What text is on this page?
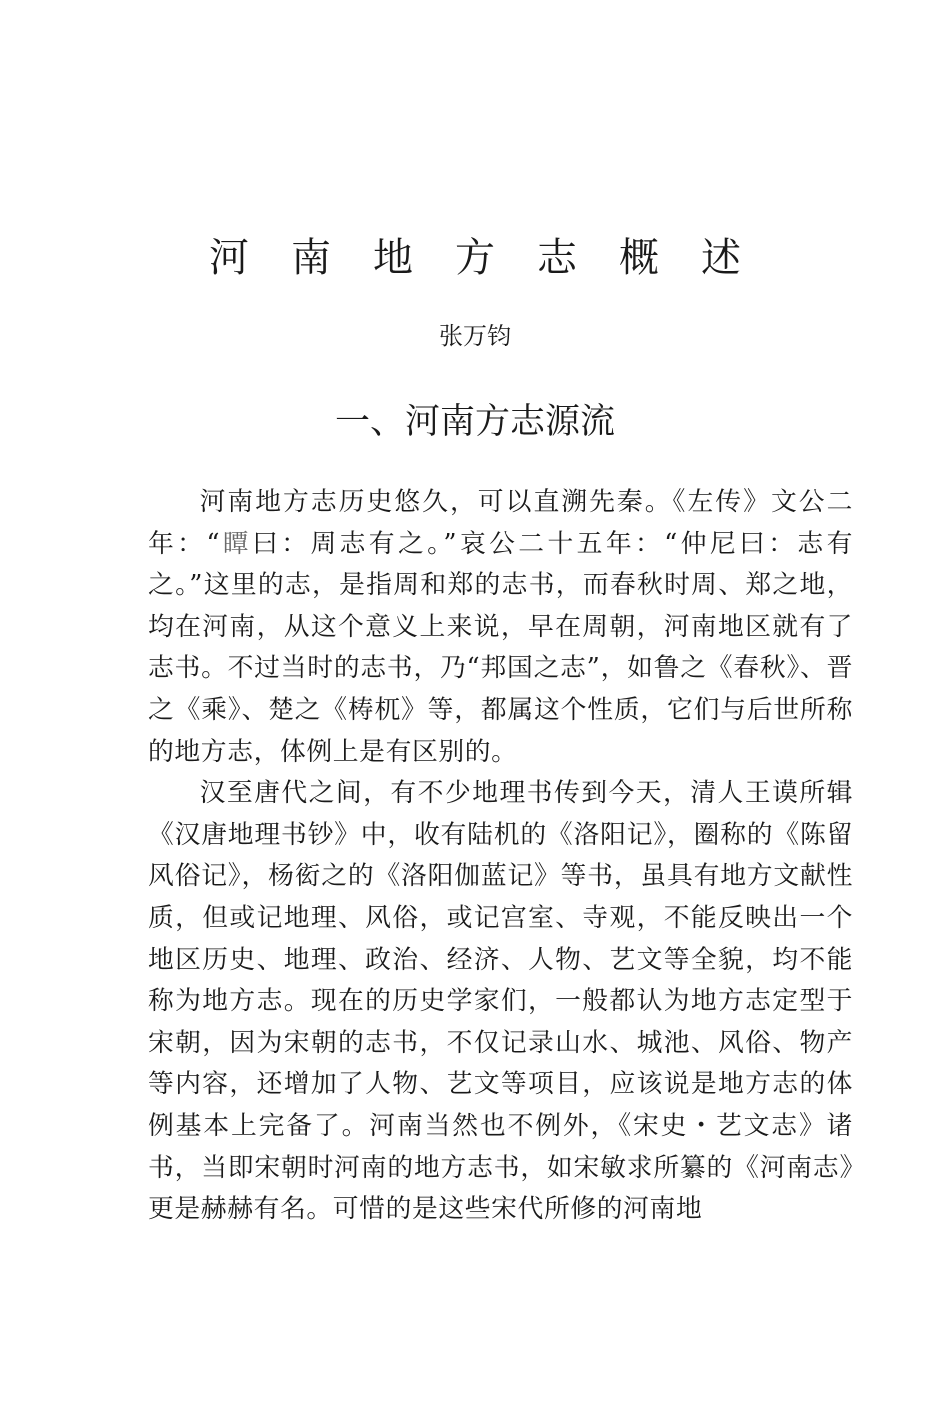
河南地方志概述
张万钧
一、河南方志源流

河南地方志历史悠久，可以直溯先秦。《左传》文公二年：“瞫曰：周志有之。”哀公二十五年：“仲尼曰：志有之。”这里的志，是指周和郑的志书，而春秋时周、郑之地，均在河南，从这个意义上来说，早在周朝，河南地区就有了志书。不过当时的志书，乃“邦国之志”，如鲁之《春秋》、晋之《乘》、楚之《梼杌》等，都属这个性质，它们与后世所称的地方志，体例上是有区别的。

汉至唐代之间，有不少地理书传到今天，清人王谟所辑《汉唐地理书钞》中，收有陆机的《洛阳记》，圈称的《陈留风俗记》，杨衒之的《洛阳伽蓝记》等书，虽具有地方文献性质，但或记地理、风俗，或记宫室、寺观，不能反映出一个地区历史、地理、政治、经济、人物、艺文等全貌，均不能称为地方志。现在的历史学家们，一般都认为地方志定型于宋朝，因为宋朝的志书，不仅记录山水、城池、风俗、物产等内容，还增加了人物、艺文等项目，应该说是地方志的体例基本上完备了。河南当然也不例外，《宋史・艺文志》诸书，当即宋朝时河南的地方志书，如宋敏求所纂的《河南志》更是赫赫有名。可惜的是这些宋代所修的河南地
